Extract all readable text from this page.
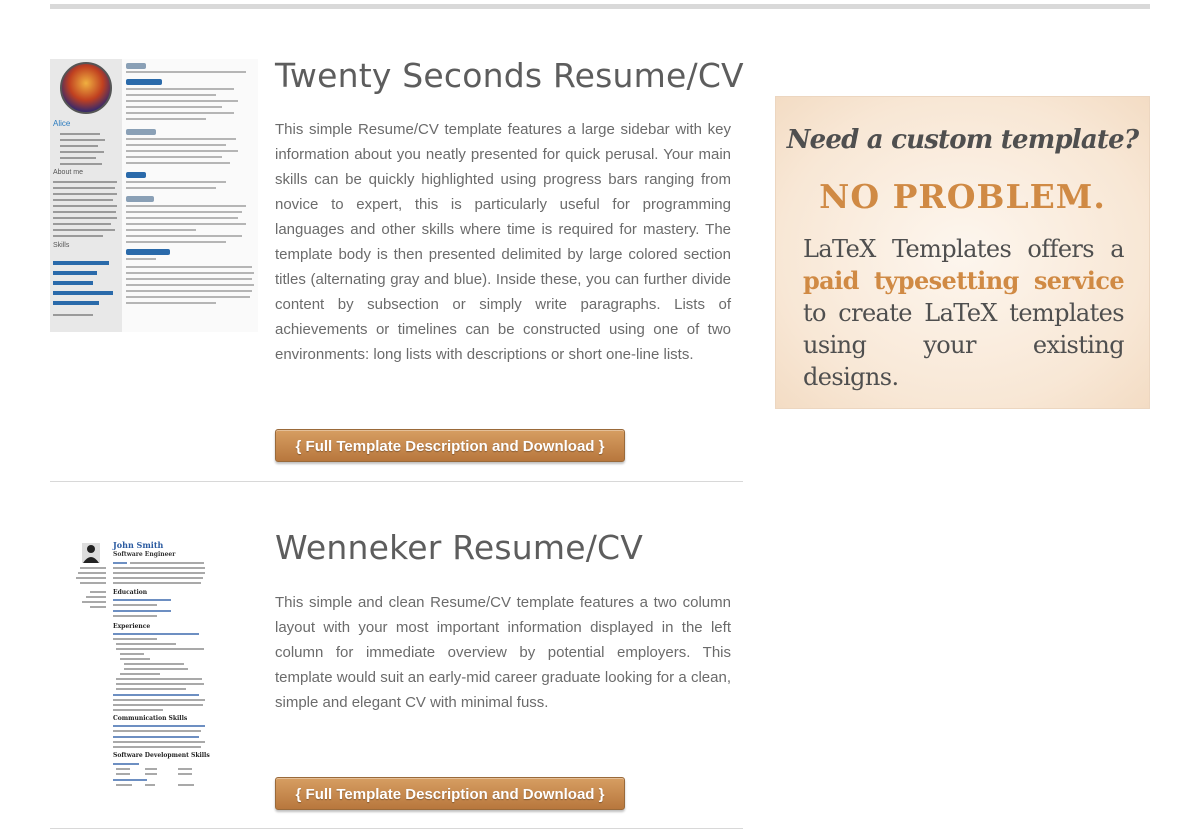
Alice
About me
Skills
Twenty Seconds Resume/CV

This simple Resume/CV template features a large sidebar with key information about you neatly presented for quick perusal. Your main skills can be quickly highlighted using progress bars ranging from novice to expert, this is particularly useful for programming languages and other skills where time is required for mastery. The template body is then presented delimited by large colored section titles (alternating gray and blue). Inside these, you can further divide content by subsection or simply write paragraphs. Lists of achievements or timelines can be constructed using one of two environments: long lists with descriptions or short one-line lists.

{ Full Template Description and Download }
John Smith
Software Engineer
Education
Experience
Communication Skills
Software Development Skills
Wenneker Resume/CV

This simple and clean Resume/CV template features a two column layout with your most important information displayed in the left column for immediate overview by potential employers. This template would suit an early-mid career graduate looking for a clean, simple and elegant CV with minimal fuss.

{ Full Template Description and Download }
Need a custom template?
NO PROBLEM.
LaTeX Templates offers a paid typesetting service to create LaTeX templates using your existing designs.
